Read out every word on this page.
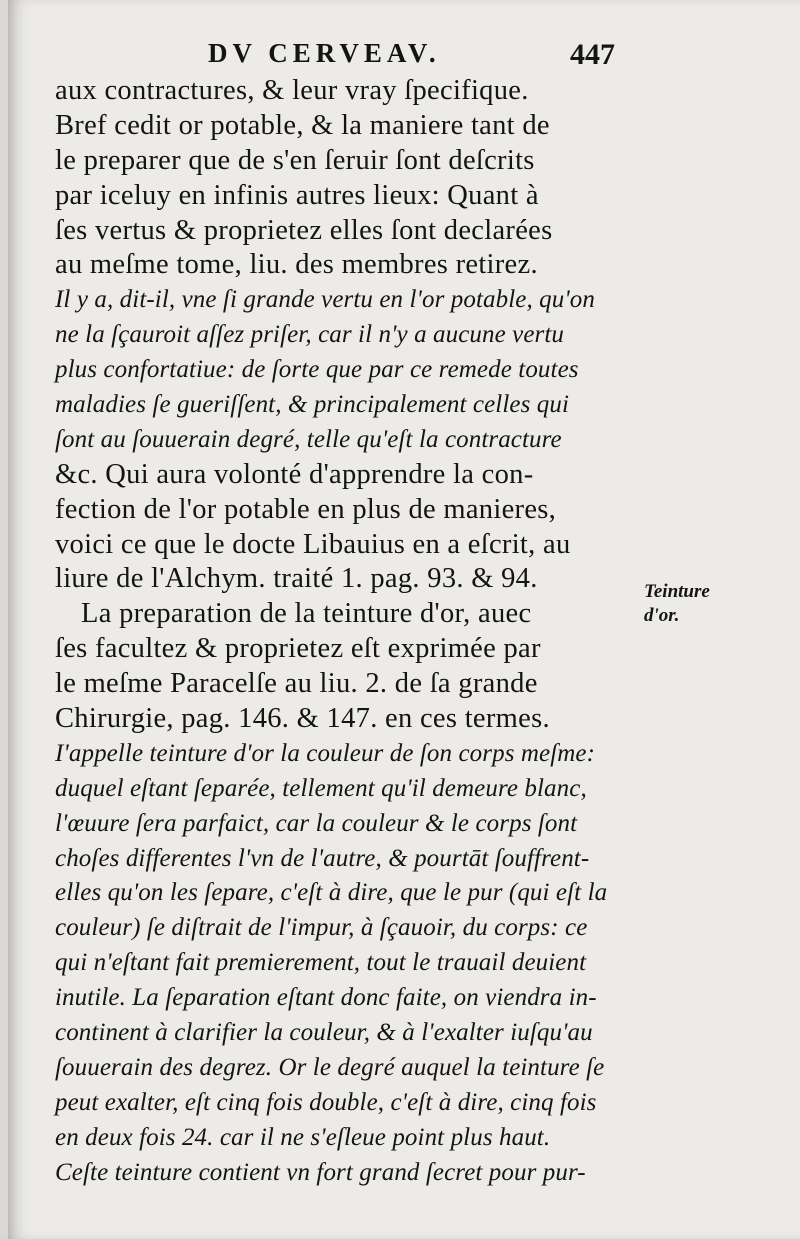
DV CERVEAV.	447
aux contractures, & leur vray ſpecifique.
Bref cedit or potable, & la maniere tant de
le preparer que de s'en ſeruir ſont deſcrits
par iceluy en infinis autres lieux: Quant à
ſes vertus & proprietez elles ſont declarées
au meſme tome, liu. des membres retirez.
Il y a, dit-il, vne ſi grande vertu en l'or potable, qu'on
ne la ſçauroit aſſez priſer, car il n'y a aucune vertu
plus confortatiue: de ſorte que par ce remede toutes
maladies ſe gueriſſent, & principalement celles qui
ſont au ſouuerain degré, telle qu'eſt la contracture
&c. Qui aura volonté d'apprendre la con-
fection de l'or potable en plus de manieres,
voici ce que le docte Libauius en a eſcrit, au
liure de l'Alchym. traité 1. pag. 93. & 94.
La preparation de la teinture d'or, auec
ſes facultez & proprietez eſt exprimée par
le meſme Paracelſe au liu. 2. de ſa grande
Chirurgie, pag. 146. & 147. en ces termes.
I'appelle teinture d'or la couleur de ſon corps meſme:
duquel eſtant ſeparée, tellement qu'il demeure blanc,
l'œuure ſera parfaict, car la couleur & le corps ſont
choſes differentes l'vn de l'autre, & pourtāt ſouffrent-
elles qu'on les ſepare, c'eſt à dire, que le pur (qui eſt la
couleur) ſe diſtrait de l'impur, à ſçauoir, du corps: ce
qui n'eſtant fait premierement, tout le trauail deuient
inutile. La ſeparation eſtant donc faite, on viendra in-
continent à clarifier la couleur, & à l'exalter iuſqu'au
ſouuerain des degrez. Or le degré auquel la teinture ſe
peut exalter, eſt cinq fois double, c'eſt à dire, cinq fois
en deux fois 24. car il ne s'eſleue point plus haut.
Ceſte teinture contient vn fort grand ſecret pour pur-
Teinture
d'or.
